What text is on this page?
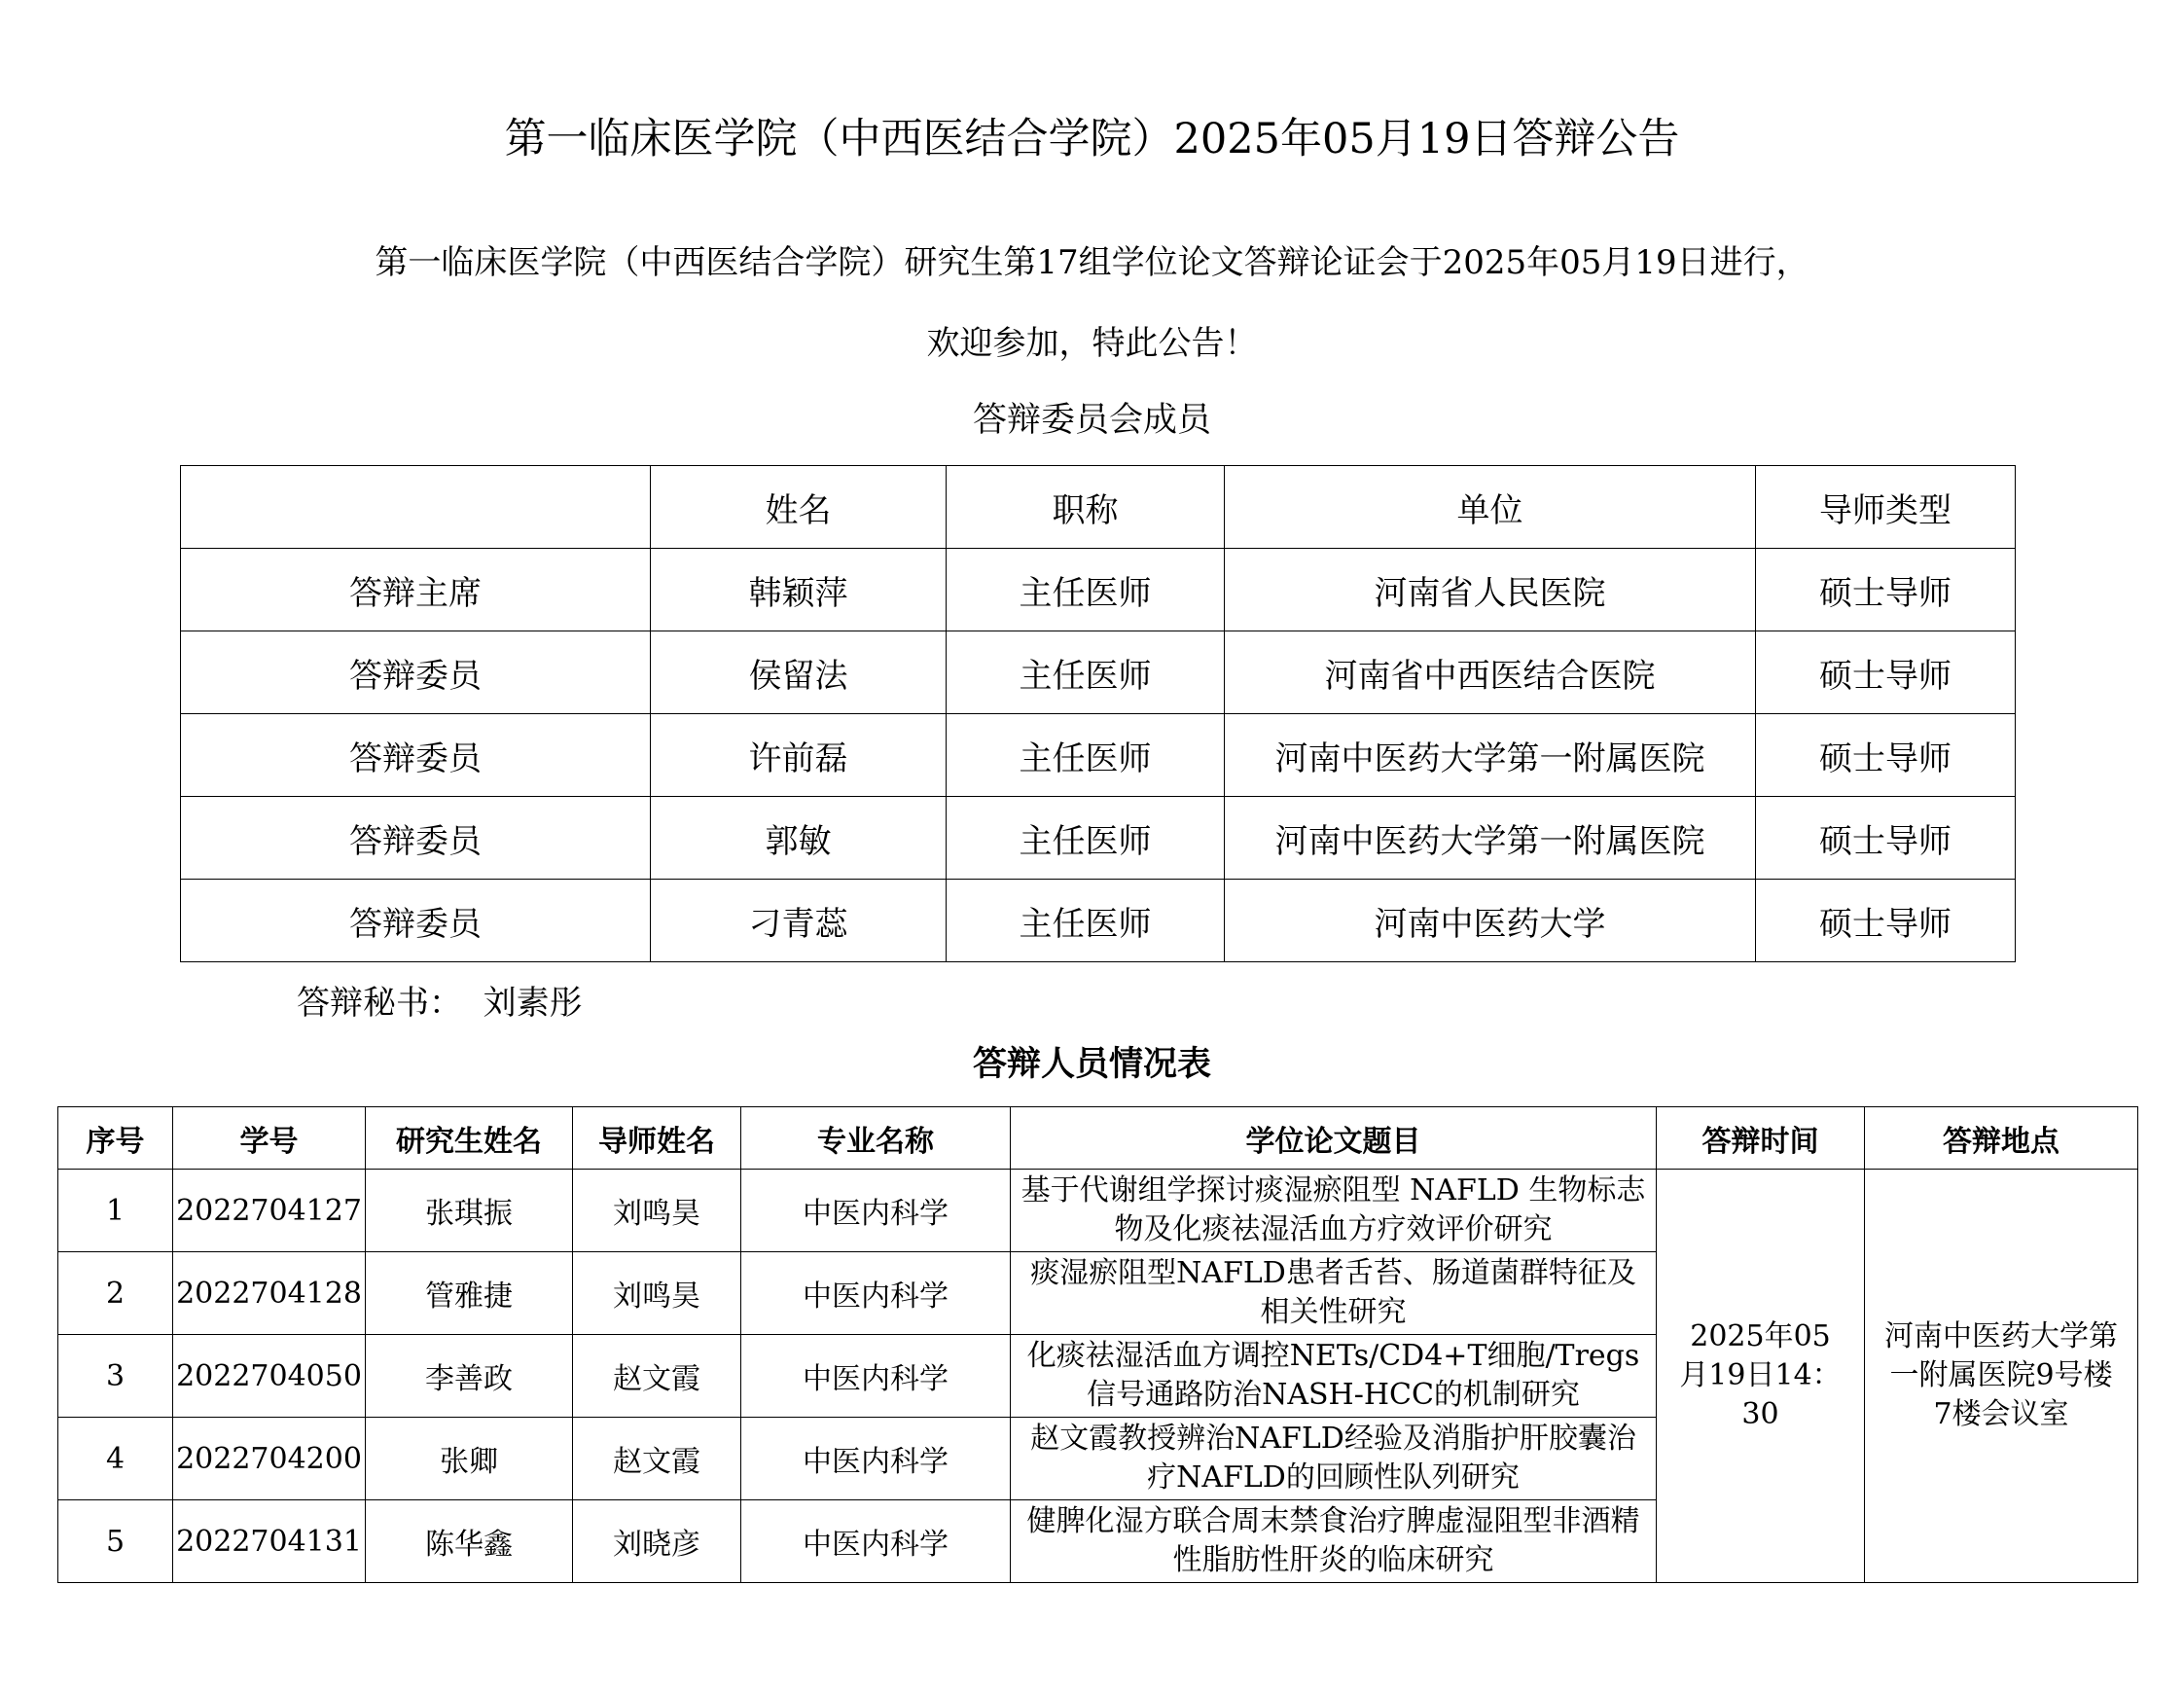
第一临床医学院（中西医结合学院）2025年05月19日答辩公告
第一临床医学院（中西医结合学院）研究生第17组学位论文答辩论证会于2025年05月19日进行，
欢迎参加，特此公告！
答辩委员会成员
	姓名	职称	单位	导师类型
答辩主席	韩颖萍	主任医师	河南省人民医院	硕士导师
答辩委员	侯留法	主任医师	河南省中西医结合医院	硕士导师
答辩委员	许前磊	主任医师	河南中医药大学第一附属医院	硕士导师
答辩委员	郭敏	主任医师	河南中医药大学第一附属医院	硕士导师
答辩委员	刁青蕊	主任医师	河南中医药大学	硕士导师
答辩秘书： 刘素彤
答辩人员情况表
序号	学号	研究生姓名	导师姓名	专业名称	学位论文题目	答辩时间	答辩地点
1	2022704127	张琪振	刘鸣昊	中医内科学	基于代谢组学探讨痰湿瘀阻型 NAFLD 生物标志物及化痰祛湿活血方疗效评价研究	2025年05月19日14：30	河南中医药大学第一附属医院9号楼7楼会议室
2	2022704128	管雅捷	刘鸣昊	中医内科学	痰湿瘀阻型NAFLD患者舌苔、肠道菌群特征及相关性研究		
3	2022704050	李善政	赵文霞	中医内科学	化痰祛湿活血方调控NETs/CD4+T细胞/Tregs信号通路防治NASH-HCC的机制研究		
4	2022704200	张卿	赵文霞	中医内科学	赵文霞教授辨治NAFLD经验及消脂护肝胶囊治疗NAFLD的回顾性队列研究		
5	2022704131	陈华鑫	刘晓彦	中医内科学	健脾化湿方联合周末禁食治疗脾虚湿阻型非酒精性脂肪性肝炎的临床研究		
